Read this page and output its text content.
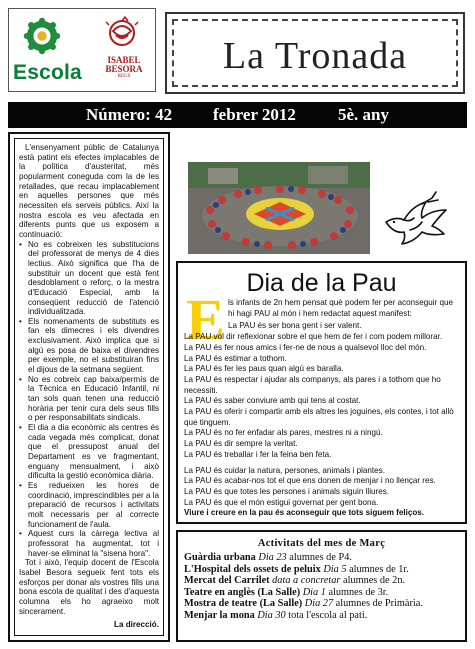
Escola
ISABEL
BESORA
REUS	La Tronada
Número: 42 febrer 2012 5è. any

L'ensenyament públic de Catalunya està patint els efectes implacables de la política d'austeritat, més popularment coneguda com la de les retallades, que recau implacablement en aquelles persones que més necessiten els serveis públics. Així la nostra escola es veu afectada en diferents punts que us exposem a continuació:

• No es cobreixen les substitucions del professorat de menys de 4 dies lectius. Això significa que l'ha de substituir un docent que està fent desdoblament o reforç, o la mestra d'Educació Especial, amb la conseqüent reducció de l'atenció individualitzada.
• Els nomenaments de substituts es fan els dimecres i els divendres exclusivament. Això implica que si algú es posa de baixa el divendres per exemple, no el substituiran fins el dijous de la setmana següent.
• No es cobreix cap baixa/permís de la Tècnica en Educació Infantil, ni tan sols quan tenen una reducció horària per tenir cura dels seus fills o per responsabilitats sindicals.
• El dia a dia econòmic als centres és cada vegada més complicat, donat que el pressupost anual del Departament es ve fragmentant, enguany mensualment, i això dificulta la gestió econòmica diària.
• Es redueixen les hores de coordinació, imprescindibles per a la preparació de recursos i activitats molt necessaris per al correcte funcionament de l'aula.
• Aquest curs la càrrega lectiva al professorat ha augmentat, tot i haver-se eliminat la "sisena hora".

Tot i això, l'equip docent de l'Escola Isabel Besora segueix fent tots els esforços per donar als vostres fills una bona escola de qualitat i des d'aquesta columna els ho agraeixo molt sincerament.

La direcció.

Dia de la Pau
E ls infants de 2n hem pensat què podem fer per aconseguir que hi hagi PAU al món i hem redactat aquest manifest:

La PAU és ser bona gent i ser valent.

La PAU vol dir reflexionar sobre el que hem de fer i com podem millorar.

La PAU és fer nous amics i fer-ne de nous a qualsevol lloc del món.

La PAU és estimar a tothom.

La PAU és fer les paus quan algú es baralla.

La PAU és respectar i ajudar als companys, als pares i a tothom que ho necessiti.

La PAU és saber conviure amb qui tens al costat.

La PAU és oferir i compartir amb els altres les joguines, els contes, i tot allò que tinguem.

La PAU és no fer enfadar als pares, mestres ni a ningú.

La PAU és dir sempre la veritat.

La PAU és treballar i fer la feina ben feta.

La PAU és cuidar la natura, persones, animals i plantes.

La PAU és acabar-nos tot el que ens donen de menjar i no llençar res.

La PAU és que totes les persones i animals siguin lliures.

La PAU és que el món estigui governat per gent bona.

Viure i creure en la pau és aconseguir que tots siguem feliços.

Activitats del mes de Març
Guàrdia urbana Dia 23 alumnes de P4.
L'Hospital dels ossets de peluix Dia 5 alumnes de 1r.
Mercat del Carrilet data a concretar alumnes de 2n.
Teatre en anglès (La Salle) Dia 1 alumnes de 3r.
Mostra de teatre (La Salle) Dia 27 alumnes de Primària.
Menjar la mona Dia 30 tota l'escola al pati.
